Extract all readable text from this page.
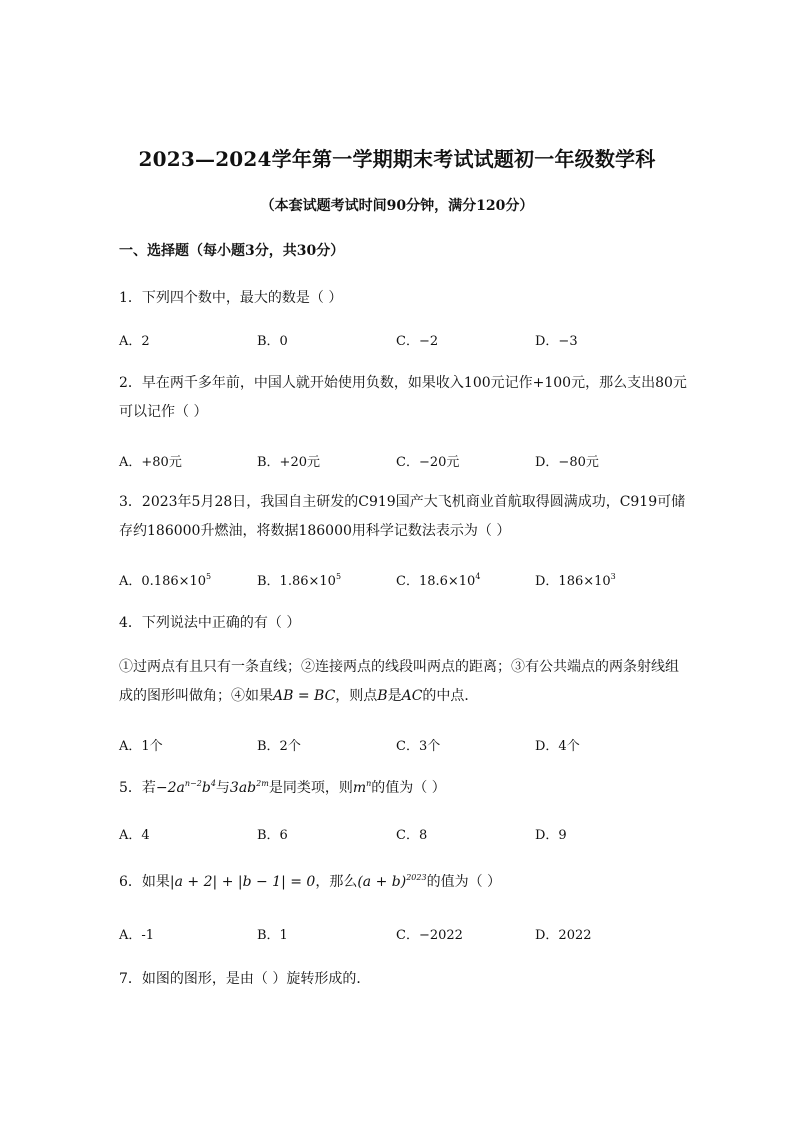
2023—2024学年第一学期期末考试试题初一年级数学科
（本套试题考试时间90分钟，满分120分）
一、选择题（每小题3分，共30分）
1．下列四个数中，最大的数是（ ）
A．2	B．0	C．−2	D．−3
2．早在两千多年前，中国人就开始使用负数，如果收入100元记作+100元，那么支出80元可以记作（ ）
A．+80元	B．+20元	C．−20元	D．−80元
3．2023年5月28日，我国自主研发的C919国产大飞机商业首航取得圆满成功，C919可储存约186000升燃油，将数据186000用科学记数法表示为（ ）
A．$0.186\times 10^5$	B．$1.86\times 10^5$	C．$18.6\times 10^4$	D．$186\times 10^3$
4．下列说法中正确的有（ ）
①过两点有且只有一条直线；②连接两点的线段叫两点的距离；③有公共端点的两条射线组成的图形叫做角；④如果AB = BC，则点B是AC的中点．
A．1个	B．2个	C．3个	D．4个
5．若$-2a^{n-2}b^4$与$3ab^{2m}$是同类项，则$m^n$的值为（ ）
A．4	B．6	C．8	D．9
6．如果|a + 2| + |b − 1| = 0，那么$(a + b)^{2023}$的值为（ ）
A．-1	B．1	C．−2022	D．2022
7．如图的图形，是由（ ）旋转形成的．
